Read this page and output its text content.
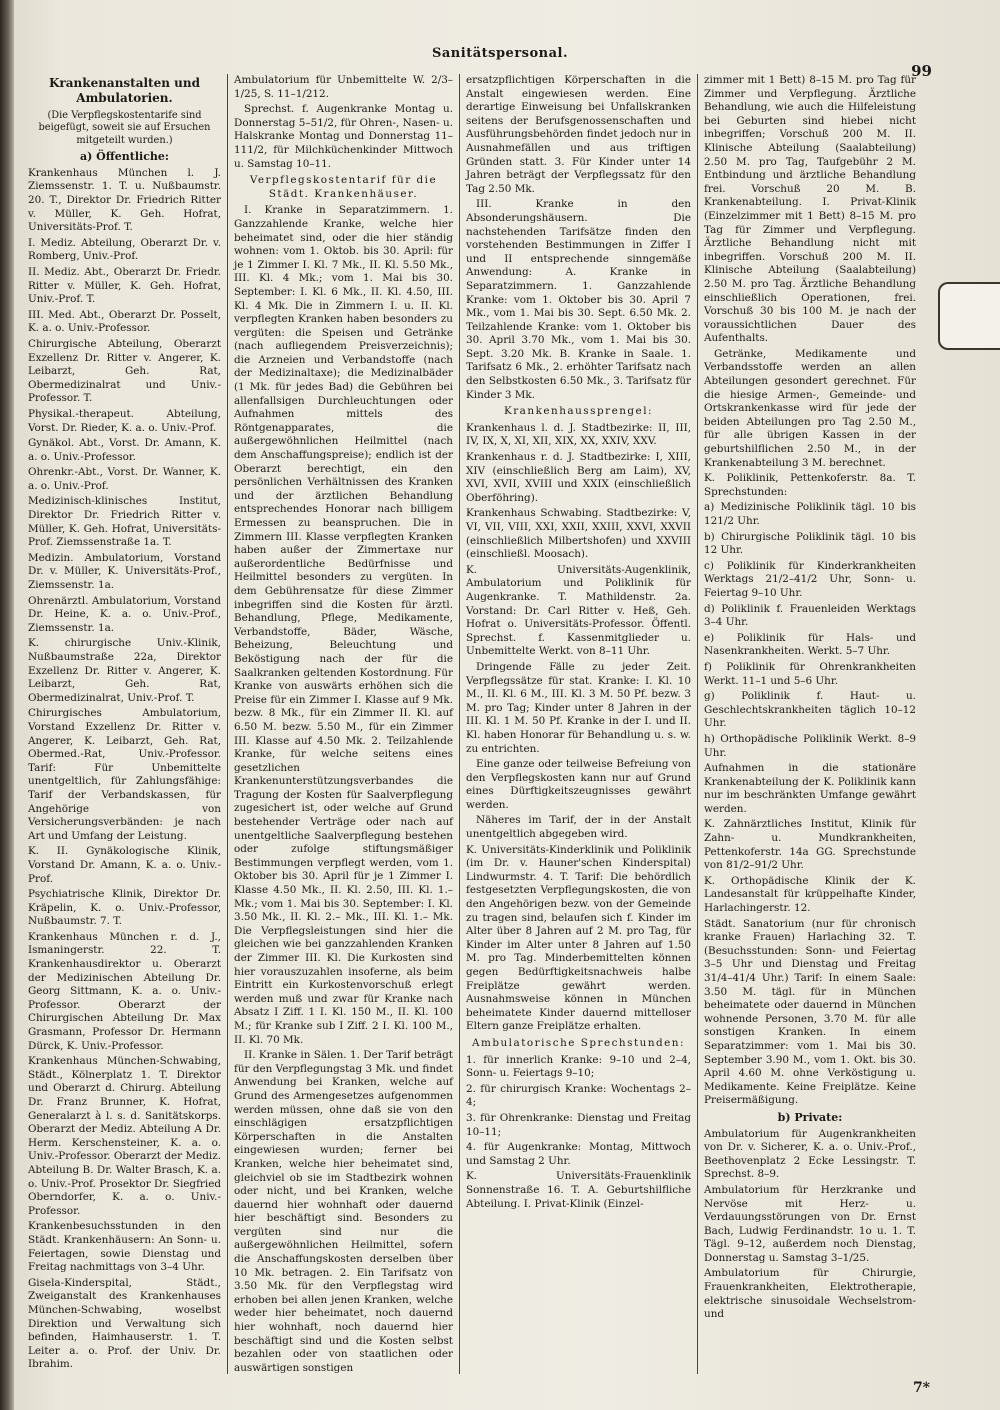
Sanitätspersonal.
99
Krankenanstalten und Ambulatorien.
(Die Verpflegskostentarife sind beigefügt, soweit sie auf Ersuchen mitgeteilt wurden.)
a) Öffentliche:

Krankenhaus München l. J. Ziemssenstr. 1. T. u. Nußbaumstr. 20. T., Direktor Dr. Friedrich Ritter v. Müller, K. Geh. Hofrat, Universitäts-Prof. T.

I. Mediz. Abteilung, Oberarzt Dr. v. Romberg, Univ.-Prof.

II. Mediz. Abt., Oberarzt Dr. Friedr. Ritter v. Müller, K. Geh. Hofrat, Univ.-Prof. T.

III. Med. Abt., Oberarzt Dr. Posselt, K. a. o. Univ.-Professor.

Chirurgische Abteilung, Oberarzt Exzellenz Dr. Ritter v. Angerer, K. Leibarzt, Geh. Rat, Obermedizinalrat und Univ.-Professor. T.

Physikal.-therapeut. Abteilung, Vorst. Dr. Rieder, K. a. o. Univ.-Prof.

Gynäkol. Abt., Vorst. Dr. Amann, K. a. o. Univ.-Professor.

Ohrenkr.-Abt., Vorst. Dr. Wanner, K. a. o. Univ.-Prof.

Medizinisch-klinisches Institut, Direktor Dr. Friedrich Ritter v. Müller, K. Geh. Hofrat, Universitäts-Prof. Ziemssenstraße 1a. T.

Medizin. Ambulatorium, Vorstand Dr. v. Müller, K. Universitäts-Prof., Ziemssenstr. 1a.

Ohrenärztl. Ambulatorium, Vorstand Dr. Heine, K. a. o. Univ.-Prof., Ziemssenstr. 1a.

K. chirurgische Univ.-Klinik, Nußbaumstraße 22a, Direktor Exzellenz Dr. Ritter v. Angerer, K. Leibarzt, Geh. Rat, Obermedizinalrat, Univ.-Prof. T.

Chirurgisches Ambulatorium, Vorstand Exzellenz Dr. Ritter v. Angerer, K. Leibarzt, Geh. Rat, Obermed.-Rat, Univ.-Professor. Tarif: Für Unbemittelte unentgeltlich, für Zahlungsfähige: Tarif der Verbandskassen, für Angehörige von Versicherungsverbänden: je nach Art und Umfang der Leistung.

K. II. Gynäkologische Klinik, Vorstand Dr. Amann, K. a. o. Univ.-Prof.

Psychiatrische Klinik, Direktor Dr. Kräpelin, K. o. Univ.-Professor, Nußbaumstr. 7. T.

Krankenhaus München r. d. J., Ismaningerstr. 22. T. Krankenhausdirektor u. Oberarzt der Medizinischen Abteilung Dr. Georg Sittmann, K. a. o. Univ.-Professor. Oberarzt der Chirurgischen Abteilung Dr. Max Grasmann, Professor Dr. Hermann Dürck, K. Univ.-Professor.

Krankenhaus München-Schwabing, Städt., Kölnerplatz 1. T. Direktor und Oberarzt d. Chirurg. Abteilung Dr. Franz Brunner, K. Hofrat, Generalarzt à l. s. d. Sanitätskorps. Oberarzt der Mediz. Abteilung A Dr. Herm. Kerschensteiner, K. a. o. Univ.-Professor. Oberarzt der Mediz. Abteilung B. Dr. Walter Brasch, K. a. o. Univ.-Prof. Prosektor Dr. Siegfried Oberndorfer, K. a. o. Univ.-Professor.

Krankenbesuchsstunden in den Städt. Krankenhäusern: An Sonn- u. Feiertagen, sowie Dienstag und Freitag nachmittags von 3–4 Uhr.

Gisela-Kinderspital, Städt., Zweiganstalt des Krankenhauses München-Schwabing, woselbst Direktion und Verwaltung sich befinden, Haimhauserstr. 1. T. Leiter a. o. Prof. der Univ. Dr. Ibrahim.

Ambulatorium für Unbemittelte W. 2/3–1/25, S. 11–1/212.

Sprechst. f. Augenkranke Montag u. Donnerstag 5–51/2, für Ohren-, Nasen- u. Halskranke Montag und Donnerstag 11–111/2, für Milchküchenkinder Mittwoch u. Samstag 10–11.

Verpflegskostentarif für die Städt. Krankenhäuser.

I. Kranke in Separatzimmern. 1. Ganzzahlende Kranke, welche hier beheimatet sind, oder die hier ständig wohnen: vom 1. Oktob. bis 30. April: für je 1 Zimmer I. Kl. 7 Mk., II. Kl. 5.50 Mk., III. Kl. 4 Mk.; vom 1. Mai bis 30. September: I. Kl. 6 Mk., II. Kl. 4.50, III. Kl. 4 Mk. Die in Zimmern I. u. II. Kl. verpflegten Kranken haben besonders zu vergüten: die Speisen und Getränke (nach aufliegendem Preisverzeichnis); die Arzneien und Verbandstoffe (nach der Medizinaltaxe); die Medizinalbäder (1 Mk. für jedes Bad) die Gebühren bei allenfallsigen Durchleuchtungen oder Aufnahmen mittels des Röntgenapparates, die außergewöhnlichen Heilmittel (nach dem Anschaffungspreise); endlich ist der Oberarzt berechtigt, ein den persönlichen Verhältnissen des Kranken und der ärztlichen Behandlung entsprechendes Honorar nach billigem Ermessen zu beanspruchen. Die in Zimmern III. Klasse verpflegten Kranken haben außer der Zimmertaxe nur außerordentliche Bedürfnisse und Heilmittel besonders zu vergüten. In dem Gebührensatze für diese Zimmer inbegriffen sind die Kosten für ärztl. Behandlung, Pflege, Medikamente, Verbandstoffe, Bäder, Wäsche, Beheizung, Beleuchtung und Beköstigung nach der für die Saalkranken geltenden Kostordnung. Für Kranke von auswärts erhöhen sich die Preise für ein Zimmer I. Klasse auf 9 Mk. bezw. 8 Mk., für ein Zimmer II. Kl. auf 6.50 M. bezw. 5.50 M., für ein Zimmer III. Klasse auf 4.50 Mk. 2. Teilzahlende Kranke, für welche seitens eines gesetzlichen Krankenunterstützungsverbandes die Tragung der Kosten für Saalverpflegung zugesichert ist, oder welche auf Grund bestehender Verträge oder nach auf unentgeltliche Saalverpflegung bestehen oder zufolge stiftungsmäßiger Bestimmungen verpflegt werden, vom 1. Oktober bis 30. April für je 1 Zimmer I. Klasse 4.50 Mk., II. Kl. 2.50, III. Kl. 1.– Mk.; vom 1. Mai bis 30. September: I. Kl. 3.50 Mk., II. Kl. 2.– Mk., III. Kl. 1.– Mk. Die Verpflegsleistungen sind hier die gleichen wie bei ganzzahlenden Kranken der Zimmer III. Kl. Die Kurkosten sind hier vorauszuzahlen insoferne, als beim Eintritt ein Kurkostenvorschuß erlegt werden muß und zwar für Kranke nach Absatz I Ziff. 1 I. Kl. 150 M., II. Kl. 100 M.; für Kranke sub I Ziff. 2 I. Kl. 100 M., II. Kl. 70 Mk.

II. Kranke in Sälen. 1. Der Tarif beträgt für den Verpflegungstag 3 Mk. und findet Anwendung bei Kranken, welche auf Grund des Armengesetzes aufgenommen werden müssen, ohne daß sie von den einschlägigen ersatzpflichtigen Körperschaften in die Anstalten eingewiesen wurden; ferner bei Kranken, welche hier beheimatet sind, gleichviel ob sie im Stadtbezirk wohnen oder nicht, und bei Kranken, welche dauernd hier wohnhaft oder dauernd hier beschäftigt sind. Besonders zu vergüten sind nur die außergewöhnlichen Heilmittel, sofern die Anschaffungskosten derselben über 10 Mk. betragen. 2. Ein Tarifsatz von 3.50 Mk. für den Verpflegstag wird erhoben bei allen jenen Kranken, welche weder hier beheimatet, noch dauernd hier wohnhaft, noch dauernd hier beschäftigt sind und die Kosten selbst bezahlen oder von staatlichen oder auswärtigen sonstigen

ersatzpflichtigen Körperschaften in die Anstalt eingewiesen werden. Eine derartige Einweisung bei Unfallskranken seitens der Berufsgenossenschaften und Ausführungsbehörden findet jedoch nur in Ausnahmefällen und aus triftigen Gründen statt. 3. Für Kinder unter 14 Jahren beträgt der Verpflegssatz für den Tag 2.50 Mk.

III. Kranke in den Absonderungshäusern. Die nachstehenden Tarifsätze finden den vorstehenden Bestimmungen in Ziffer I und II entsprechende sinngemäße Anwendung: A. Kranke in Separatzimmern. 1. Ganzzahlende Kranke: vom 1. Oktober bis 30. April 7 Mk., vom 1. Mai bis 30. Sept. 6.50 Mk. 2. Teilzahlende Kranke: vom 1. Oktober bis 30. April 3.70 Mk., vom 1. Mai bis 30. Sept. 3.20 Mk. B. Kranke in Saale. 1. Tarifsatz 6 Mk., 2. erhöhter Tarifsatz nach den Selbstkosten 6.50 Mk., 3. Tarifsatz für Kinder 3 Mk.

Krankenhaussprengel:

Krankenhaus l. d. J. Stadtbezirke: II, III, IV, IX, X, XI, XII, XIX, XX, XXIV, XXV.

Krankenhaus r. d. J. Stadtbezirke: I, XIII, XIV (einschließlich Berg am Laim), XV, XVI, XVII, XVIII und XXIX (einschließlich Oberföhring).

Krankenhaus Schwabing. Stadtbezirke: V, VI, VII, VIII, XXI, XXII, XXIII, XXVI, XXVII (einschließlich Milbertshofen) und XXVIII (einschließl. Moosach).

K. Universitäts-Augenklinik, Ambulatorium und Poliklinik für Augenkranke. T. Mathildenstr. 2a. Vorstand: Dr. Carl Ritter v. Heß, Geh. Hofrat o. Universitäts-Professor. Öffentl. Sprechst. f. Kassenmitglieder u. Unbemittelte Werkt. von 8–11 Uhr.

Dringende Fälle zu jeder Zeit. Verpflegssätze für stat. Kranke: I. Kl. 10 M., II. Kl. 6 M., III. Kl. 3 M. 50 Pf. bezw. 3 M. pro Tag; Kinder unter 8 Jahren in der III. Kl. 1 M. 50 Pf. Kranke in der I. und II. Kl. haben Honorar für Behandlung u. s. w. zu entrichten.

Eine ganze oder teilweise Befreiung von den Verpflegskosten kann nur auf Grund eines Dürftigkeitszeugnisses gewährt werden.

Näheres im Tarif, der in der Anstalt unentgeltlich abgegeben wird.

K. Universitäts-Kinderklinik und Poliklinik (im Dr. v. Hauner'schen Kinderspital) Lindwurmstr. 4. T. Tarif: Die behördlich festgesetzten Verpflegungskosten, die von den Angehörigen bezw. von der Gemeinde zu tragen sind, belaufen sich f. Kinder im Alter über 8 Jahren auf 2 M. pro Tag, für Kinder im Alter unter 8 Jahren auf 1.50 M. pro Tag. Minderbemittelten können gegen Bedürftigkeitsnachweis halbe Freiplätze gewährt werden. Ausnahmsweise können in München beheimatete Kinder dauernd mittelloser Eltern ganze Freiplätze erhalten.

Ambulatorische Sprechstunden:

1. für innerlich Kranke: 9–10 und 2–4, Sonn- u. Feiertags 9–10;

2. für chirurgisch Kranke: Wochentags 2–4;

3. für Ohrenkranke: Dienstag und Freitag 10–11;

4. für Augenkranke: Montag, Mittwoch und Samstag 2 Uhr.

K. Universitäts-Frauenklinik Sonnenstraße 16. T. A. Geburtshilfliche Abteilung. I. Privat-Klinik (Einzel-

zimmer mit 1 Bett) 8–15 M. pro Tag für Zimmer und Verpflegung. Ärztliche Behandlung, wie auch die Hilfeleistung bei Geburten sind hiebei nicht inbegriffen; Vorschuß 200 M. II. Klinische Abteilung (Saalabteilung) 2.50 M. pro Tag, Taufgebühr 2 M. Entbindung und ärztliche Behandlung frei. Vorschuß 20 M. B. Krankenabteilung. I. Privat-Klinik (Einzelzimmer mit 1 Bett) 8–15 M. pro Tag für Zimmer und Verpflegung. Ärztliche Behandlung nicht mit inbegriffen. Vorschuß 200 M. II. Klinische Abteilung (Saalabteilung) 2.50 M. pro Tag. Ärztliche Behandlung einschließlich Operationen, frei. Vorschuß 30 bis 100 M. je nach der voraussichtlichen Dauer des Aufenthalts.

Getränke, Medikamente und Verbandsstoffe werden an allen Abteilungen gesondert gerechnet. Für die hiesige Armen-, Gemeinde- und Ortskrankenkasse wird für jede der beiden Abteilungen pro Tag 2.50 M., für alle übrigen Kassen in der geburtshilflichen 2.50 M., in der Krankenabteilung 3 M. berechnet.

K. Poliklinik, Pettenkoferstr. 8a. T. Sprechstunden:

a) Medizinische Poliklinik tägl. 10 bis 121/2 Uhr.

b) Chirurgische Poliklinik tägl. 10 bis 12 Uhr.

c) Poliklinik für Kinderkrankheiten Werktags 21/2–41/2 Uhr, Sonn- u. Feiertag 9–10 Uhr.

d) Poliklinik f. Frauenleiden Werktags 3–4 Uhr.

e) Poliklinik für Hals- und Nasenkrankheiten. Werkt. 5–7 Uhr.

f) Poliklinik für Ohrenkrankheiten Werkt. 11–1 und 5–6 Uhr.

g) Poliklinik f. Haut- u. Geschlechtskrankheiten täglich 10–12 Uhr.

h) Orthopädische Poliklinik Werkt. 8–9 Uhr.

Aufnahmen in die stationäre Krankenabteilung der K. Poliklinik kann nur im beschränkten Umfange gewährt werden.

K. Zahnärztliches Institut, Klinik für Zahn- u. Mundkrankheiten, Pettenkoferstr. 14a GG. Sprechstunde von 81/2–91/2 Uhr.

K. Orthopädische Klinik der K. Landesanstalt für krüppelhafte Kinder, Harlachingerstr. 12.

Städt. Sanatorium (nur für chronisch kranke Frauen) Harlaching 32. T. (Besuchsstunden: Sonn- und Feiertag 3–5 Uhr und Dienstag und Freitag 31/4–41/4 Uhr.) Tarif: In einem Saale: 3.50 M. tägl. für in München beheimatete oder dauernd in München wohnende Personen, 3.70 M. für alle sonstigen Kranken. In einem Separatzimmer: vom 1. Mai bis 30. September 3.90 M., vom 1. Okt. bis 30. April 4.60 M. ohne Verköstigung u. Medikamente. Keine Freiplätze. Keine Preisermäßigung.

b) Private:

Ambulatorium für Augenkrankheiten von Dr. v. Sicherer, K. a. o. Univ.-Prof., Beethovenplatz 2 Ecke Lessingstr. T. Sprechst. 8–9.

Ambulatorium für Herzkranke und Nervöse mit Herz- u. Verdauungsstörungen von Dr. Ernst Bach, Ludwig Ferdinandstr. 1o u. 1. T. Tägl. 9–12, außerdem noch Dienstag, Donnerstag u. Samstag 3–1/25.

Ambulatorium für Chirurgie, Frauenkrankheiten, Elektrotherapie, elektrische sinusoidale Wechselstrom- und

7*
